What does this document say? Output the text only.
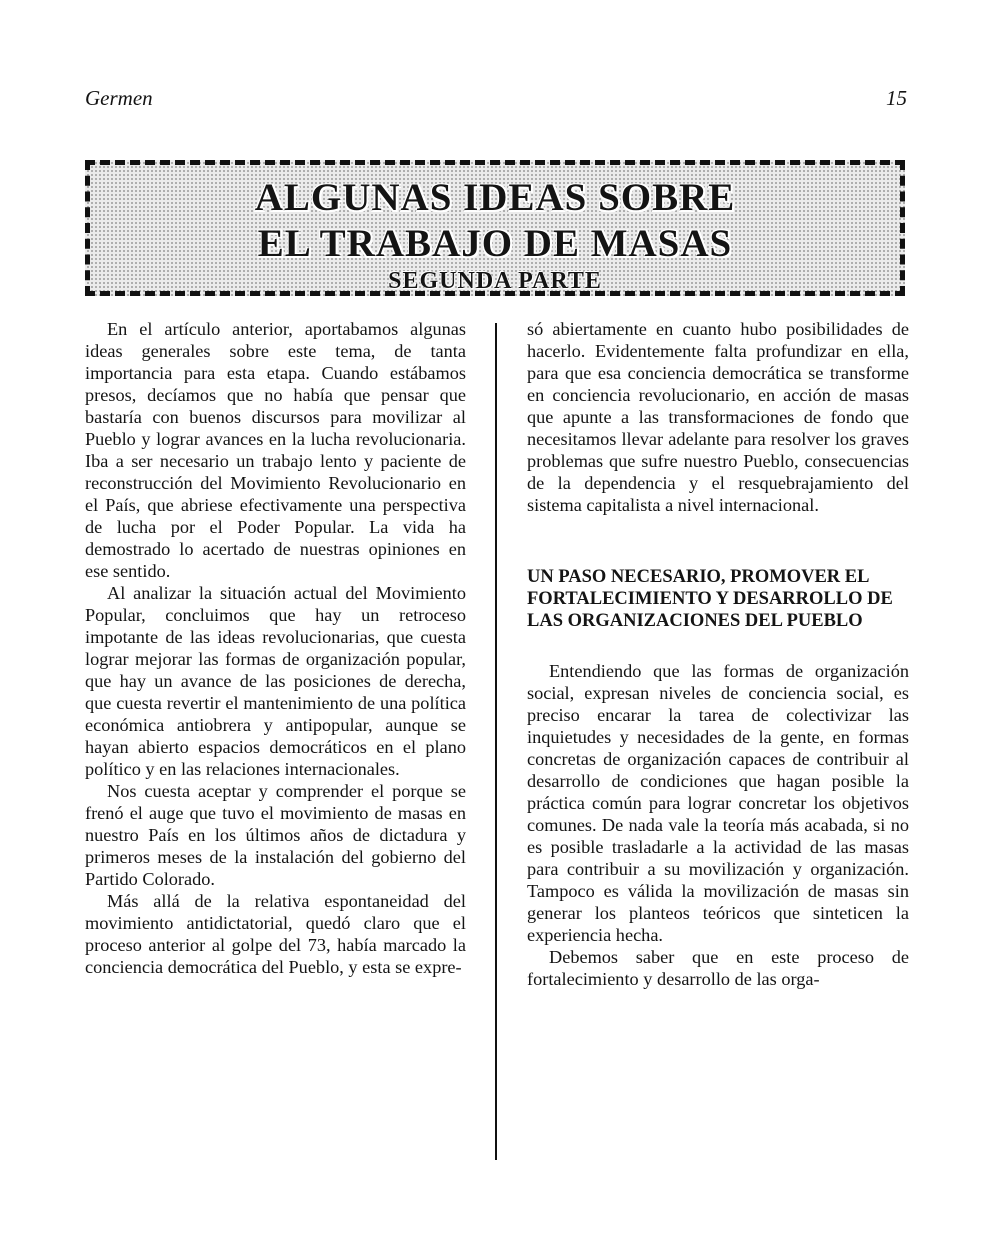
Germen	15
ALGUNAS IDEAS SOBRE
EL TRABAJO DE MASAS
SEGUNDA PARTE

En el artículo anterior, aportabamos algunas ideas generales sobre este tema, de tanta importancia para esta etapa. Cuando estábamos presos, decíamos que no había que pensar que bastaría con buenos discursos para movilizar al Pueblo y lograr avances en la lucha revolucionaria. Iba a ser necesario un trabajo lento y paciente de reconstrucción del Movimiento Revolucionario en el País, que abriese efectivamente una perspectiva de lucha por el Poder Popular. La vida ha demostrado lo acertado de nuestras opiniones en ese sentido.

Al analizar la situación actual del Movimiento Popular, concluimos que hay un retroceso impotante de las ideas revolucionarias, que cuesta lograr mejorar las formas de organización popular, que hay un avance de las posiciones de derecha, que cuesta revertir el mantenimiento de una política económica antiobrera y antipopular, aunque se hayan abierto espacios democráticos en el plano político y en las relaciones internacionales.

Nos cuesta aceptar y comprender el porque se frenó el auge que tuvo el movimiento de masas en nuestro País en los últimos años de dictadura y primeros meses de la instalación del gobierno del Partido Colorado.

Más allá de la relativa espontaneidad del movimiento antidictatorial, quedó claro que el proceso anterior al golpe del 73, había marcado la conciencia democrática del Pueblo, y esta se expre-

só abiertamente en cuanto hubo posibilidades de hacerlo. Evidentemente falta profundizar en ella, para que esa conciencia democrática se transforme en conciencia revolucionario, en acción de masas que apunte a las transformaciones de fondo que necesitamos llevar adelante para resolver los graves problemas que sufre nuestro Pueblo, consecuencias de la dependencia y el resquebrajamiento del sistema capitalista a nivel internacional.

UN PASO NECESARIO, PROMOVER EL FORTALECIMIENTO Y DESARROLLO DE LAS ORGANIZACIONES DEL PUEBLO

Entendiendo que las formas de organización social, expresan niveles de conciencia social, es preciso encarar la tarea de colectivizar las inquietudes y necesidades de la gente, en formas concretas de organización capaces de contribuir al desarrollo de condiciones que hagan posible la práctica común para lograr concretar los objetivos comunes. De nada vale la teoría más acabada, si no es posible trasladarle a la actividad de las masas para contribuir a su movilización y organización. Tampoco es válida la movilización de masas sin generar los planteos teóricos que sinteticen la experiencia hecha.

Debemos saber que en este proceso de fortalecimiento y desarrollo de las orga-
